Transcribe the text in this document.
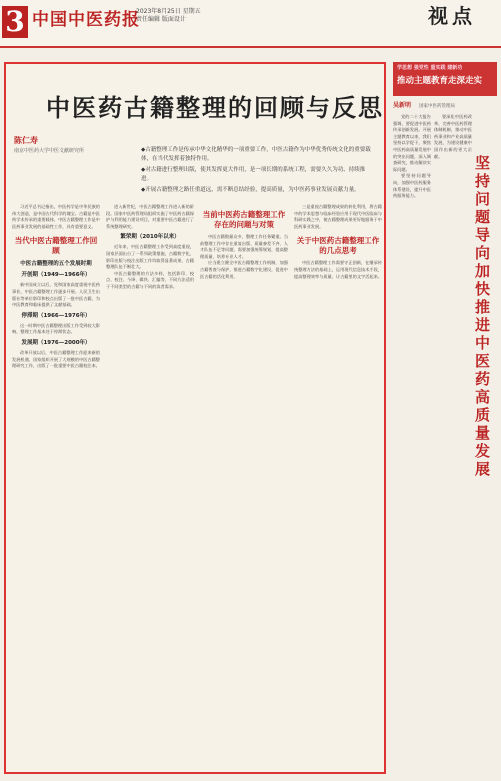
3 中国中医药报
2023年8月25日 星期五
责任编辑 版面设计	视点
中医药古籍整理的回顾与反思
陈仁寿
南京中医药大学中医文献研究所	◆古籍整理工作是传承中华文化精华的一项重要工作，中医古籍作为中华优秀传统文化的重要载体，在当代发挥着独特作用。

◆对古籍进行整理出版，使其发挥更大作用，是一项长期的系统工程，需要久久为功、持续推进。

◆开展古籍整理之路任重道远，需不断总结经验，提高质量，为中医药事业发展贡献力量。

习近平总书记指出，中医药学是中华民族的伟大创造，是中国古代科学的瑰宝。古籍是中医药学术传承的重要载体，中医古籍整理工作是中医药事业发展的基础性工作，具有重要意义。

当代中医古籍整理工作回顾
中医古籍整理的五个发展时期
开创期（1949—1966年）

新中国成立以后，党和国家高度重视中医药事业，中医古籍整理工作逐步开展。人民卫生出版社等单位影印和校点出版了一批中医古籍，为中医教育和临床提供了文献基础。

停滞期（1966—1976年）

这一时期中医古籍整理出版工作受到较大影响，整理工作基本处于停滞状态。

发展期（1976—2000年）

改革开放以后，中医古籍整理工作迎来新的发展机遇，国家组织开展了大规模的中医古籍整理研究工作，出版了一批重要中医古籍校注本。

进入新世纪，中医古籍整理工作进入新的阶段。国家中医药管理局组织实施了中医药古籍保护与利用能力建设项目，对重要中医古籍进行了系统整理研究。

繁荣期（2010年以来）

近年来，中医古籍整理工作受到高度重视，国家层面出台了一系列政策措施，古籍数字化、影印出版与校注出版工作均取得显著成果，古籍整理队伍不断壮大。

中医古籍整理的方法多样，包括影印、校点、校注、今译、辑佚、汇编等，不同方法适用于不同类型的古籍与不同的读者需求。

当前中医药古籍整理工作存在的问题与对策

中医古籍数量众多，整理工作任务繁重。当前整理工作中存在重复出版、质量参差不齐、人才队伍不足等问题，需要加强统筹规划，提高整理质量，培养专业人才。

应当建立健全中医古籍整理工作机制，加强古籍普查与保护，推进古籍数字化建设，促进中医古籍的活化利用。

三是重视古籍整理成果的转化利用，将古籍中的学术思想与临床经验应用于现代中医临床与科研实践之中，使古籍整理成果更好地服务于中医药事业发展。

关于中医药古籍整理工作的几点思考

中医古籍整理工作需要守正创新，在继承传统整理方法的基础上，运用现代信息技术手段，提高整理效率与质量，让古籍里的文字活起来。

学思想 强党性 重实践 建新功
推动主题教育走深走实
吴新明 国家中医药管理局

党的二十大报告强调，要促进中医药传承创新发展。开展主题教育以来，我们坚持以学促干，聚焦中医药高质量发展中的突出问题，深入调查研究，推动解决实际问题。

要坚持问题导向，加强中医药服务体系建设，提升中医药服务能力。

要深化中医药改革，完善中医药管理体制机制，推动中医药事业和产业高质量发展，为建设健康中国作出新的更大贡献。	坚持问题导向 加快推进中医药高质量发展
